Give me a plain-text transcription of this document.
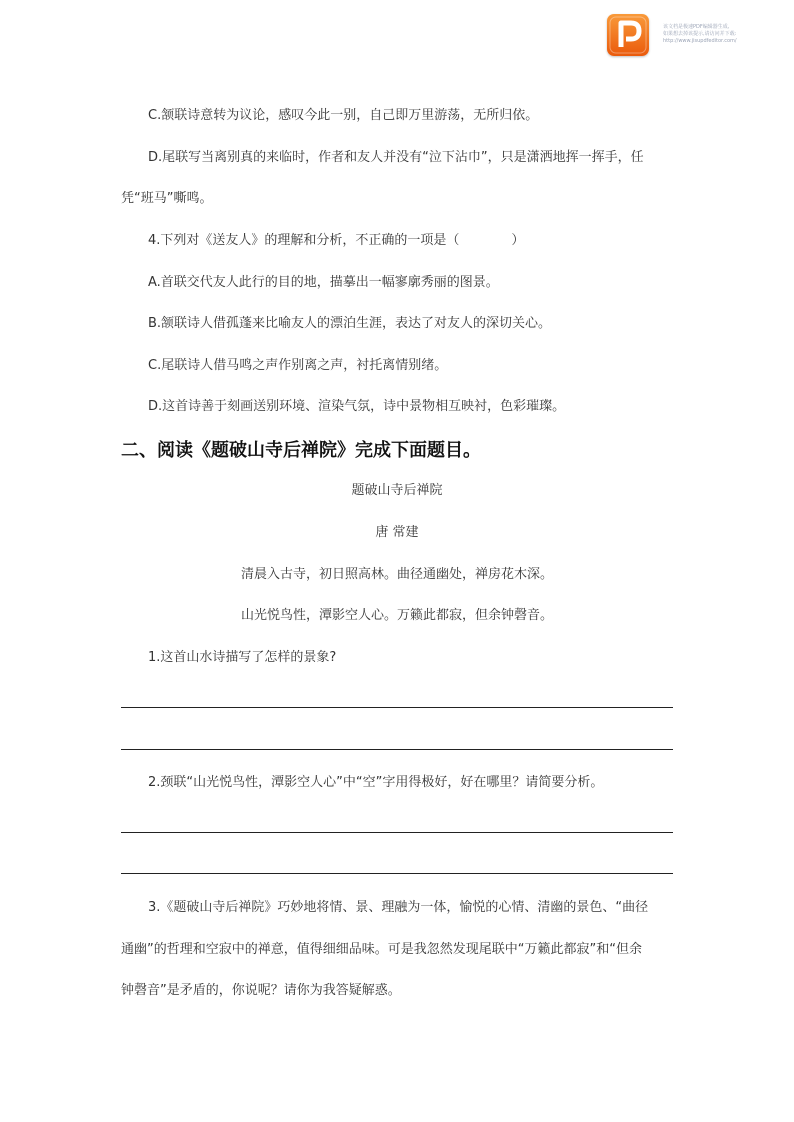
该文档是极速PDF编辑器生成,
如果想去掉该提示,请访问并下载:
http://www.jisupdfeditor.com/
C.颔联诗意转为议论，感叹今此一别，自己即万里游荡，无所归依。
D.尾联写当离别真的来临时，作者和友人并没有“泣下沾巾”，只是潇洒地挥一挥手，任
凭“班马”嘶鸣。
4.下列对《送友人》的理解和分析，不正确的一项是（	）
A.首联交代友人此行的目的地，描摹出一幅寥廓秀丽的图景。
B.颔联诗人借孤蓬来比喻友人的漂泊生涯，表达了对友人的深切关心。
C.尾联诗人借马鸣之声作别离之声，衬托离情别绪。
D.这首诗善于刻画送别环境、渲染气氛，诗中景物相互映衬，色彩璀璨。
二、阅读《题破山寺后禅院》完成下面题目。
题破山寺后禅院
唐 常建
清晨入古寺，初日照高林。曲径通幽处，禅房花木深。
山光悦鸟性，潭影空人心。万籁此都寂，但余钟磬音。
1.这首山水诗描写了怎样的景象?
2.颈联“山光悦鸟性，潭影空人心”中“空”字用得极好，好在哪里？请简要分析。
3.《题破山寺后禅院》巧妙地将情、景、理融为一体，愉悦的心情、清幽的景色、“曲径
通幽”的哲理和空寂中的禅意，值得细细品味。可是我忽然发现尾联中“万籁此都寂”和“但余
钟磬音”是矛盾的，你说呢？请你为我答疑解惑。
